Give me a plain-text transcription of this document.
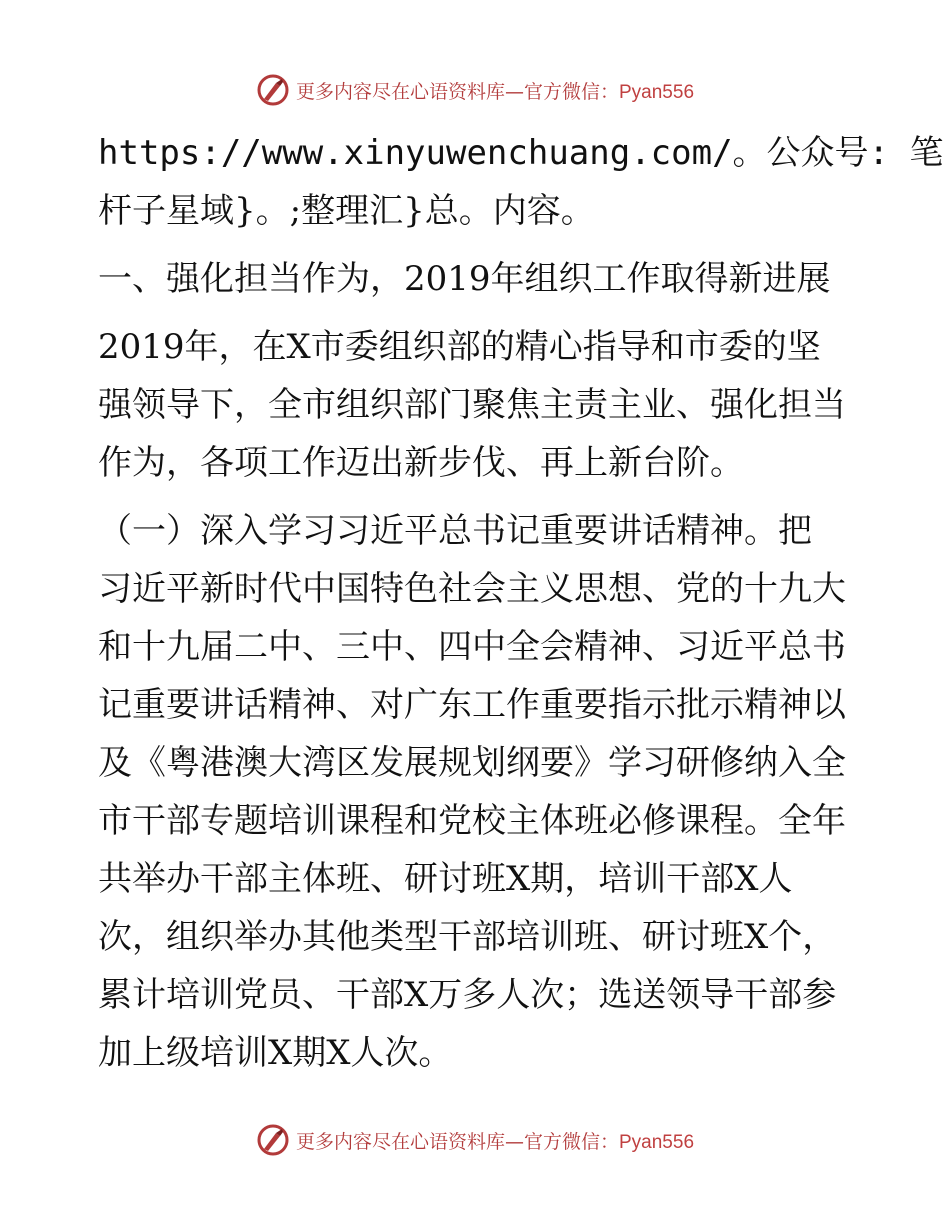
更多内容尽在心语资料库—官方微信：Pyan556
https://www.xinyuwenchuang.com/。公众号: 笔
杆子星域}。;整理汇}总。内容。
一、强化担当作为，2019年组织工作取得新进展
2019年，在X市委组织部的精心指导和市委的坚
强领导下，全市组织部门聚焦主责主业、强化担当
作为，各项工作迈出新步伐、再上新台阶。
（一）深入学习习近平总书记重要讲话精神。把
习近平新时代中国特色社会主义思想、党的十九大
和十九届二中、三中、四中全会精神、习近平总书
记重要讲话精神、对广东工作重要指示批示精神以
及《粤港澳大湾区发展规划纲要》学习研修纳入全
市干部专题培训课程和党校主体班必修课程。全年
共举办干部主体班、研讨班X期，培训干部X人
次，组织举办其他类型干部培训班、研讨班X个，
累计培训党员、干部X万多人次；选送领导干部参
加上级培训X期X人次。
更多内容尽在心语资料库—官方微信：Pyan556
